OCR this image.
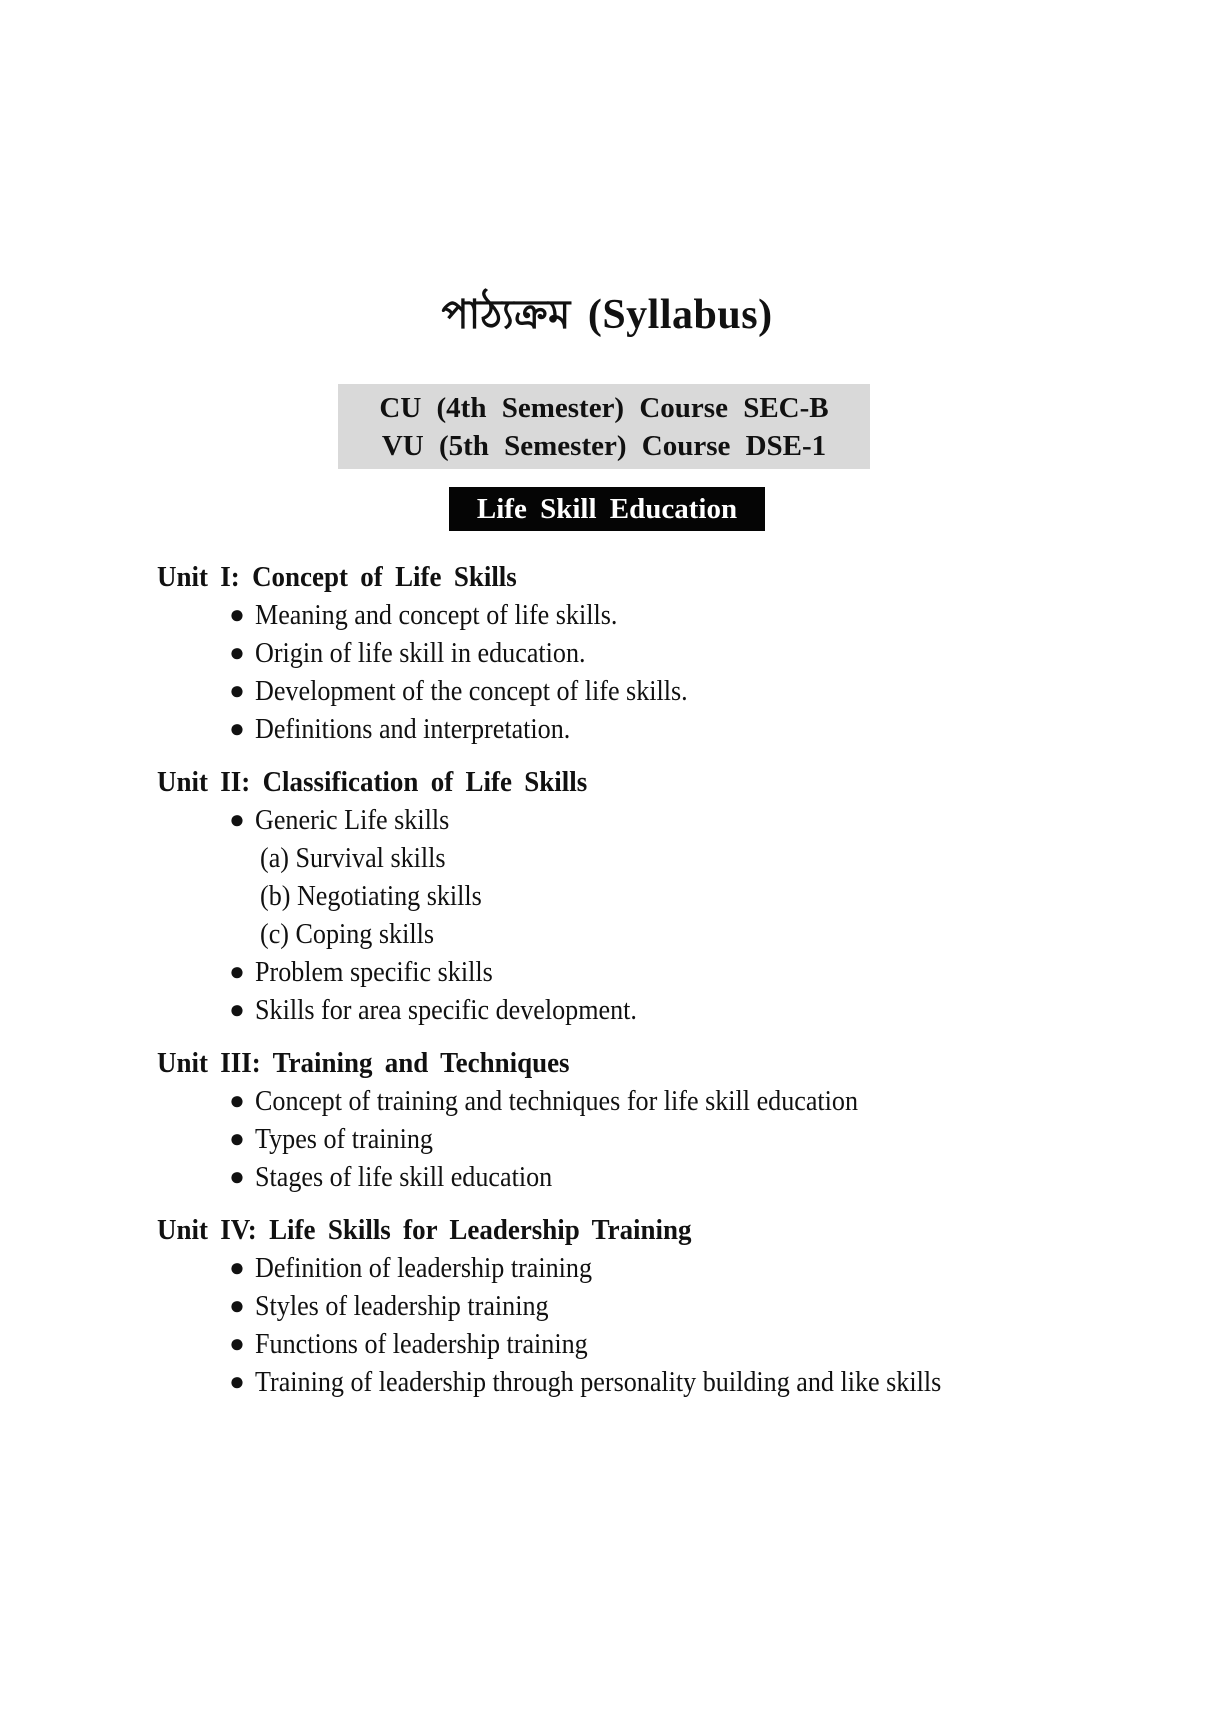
পাঠ্যক্রম (Syllabus)
CU (4th Semester) Course SEC-B
VU (5th Semester) Course DSE-1
Life Skill Education
Unit I: Concept of Life Skills
● Meaning and concept of life skills.
● Origin of life skill in education.
● Development of the concept of life skills.
● Definitions and interpretation.
Unit II: Classification of Life Skills
● Generic Life skills
(a) Survival skills
(b) Negotiating skills
(c) Coping skills
● Problem specific skills
● Skills for area specific development.
Unit III: Training and Techniques
● Concept of training and techniques for life skill education
● Types of training
● Stages of life skill education
Unit IV: Life Skills for Leadership Training
● Definition of leadership training
● Styles of leadership training
● Functions of leadership training
● Training of leadership through personality building and like skills
